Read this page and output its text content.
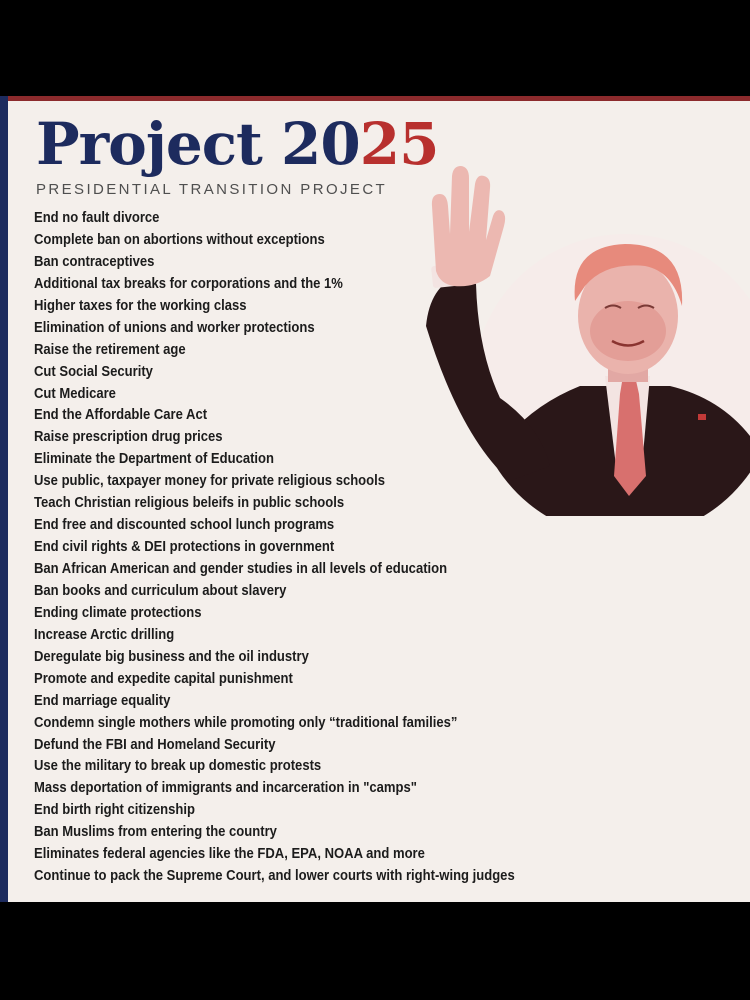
Project 2025
PRESIDENTIAL TRANSITION PROJECT
End no fault divorce
Complete ban on abortions without exceptions
Ban contraceptives
Additional tax breaks for corporations and the 1%
Higher taxes for the working class
Elimination of unions and worker protections
Raise the retirement age
Cut Social Security
Cut Medicare
End the Affordable Care Act
Raise prescription drug prices
Eliminate the Department of Education
Use public, taxpayer money for private religious schools
Teach Christian religious beleifs in public schools
End free and discounted school lunch programs
End civil rights & DEI protections in government
Ban African American and gender studies in all levels of education
Ban books and curriculum about slavery
Ending climate protections
Increase Arctic drilling
Deregulate big business and the oil industry
Promote and expedite capital punishment
End marriage equality
Condemn single mothers while promoting only “traditional families”
Defund the FBI and Homeland Security
Use the military to break up domestic protests
Mass deportation of immigrants and incarceration in "camps"
End birth right citizenship
Ban Muslims from entering the country
Eliminates federal agencies like the FDA, EPA, NOAA and more
Continue to pack the Supreme Court, and lower courts with right-wing judges
